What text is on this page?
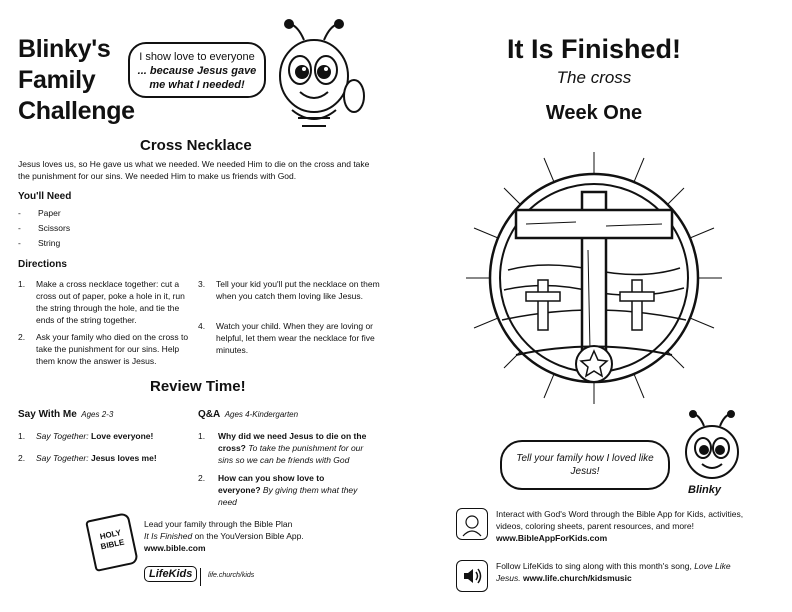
Blinky's
Family
Challenge
I show love to everyone
... because Jesus gave
me what I needed!
Cross Necklace
Jesus loves us, so He gave us what we needed. We needed Him to die on the cross and take the punishment for our sins. We needed Him to make us friends with God.
You'll Need
- Paper
- Scissors
- String
Directions
1. Make a cross necklace together: cut a cross out of paper, poke a hole in it, run the string through the hole, and tie the ends of the string together.
2. Ask your family who died on the cross to take the punishment for our sins. Help them know the answer is Jesus.
3. Tell your kid you'll put the necklace on them when you catch them loving like Jesus.
4. Watch your child. When they are loving or helpful, let them wear the necklace for five minutes.
Review Time!
Say With Me Ages 2-3
1. Say Together: Love everyone!
2. Say Together: Jesus loves me!
Q&A Ages 4-Kindergarten
1. Why did we need Jesus to die on the cross? To take the punishment for our sins so we can be friends with God
2. How can you show love to everyone? By giving them what they need
HOLY
BIBLE
Lead your family through the Bible Plan
It Is Finished on the YouVersion Bible App.
www.bible.com
LifeKids	life.church/kids
It Is Finished!
The cross
Week One
Tell your family how I loved like Jesus!
Blinky
Interact with God's Word through the Bible App for Kids, activities, videos, coloring sheets, parent resources, and more!
www.BibleAppForKids.com
Follow LifeKids to sing along with this month's song, Love Like Jesus. www.life.church/kidsmusic
